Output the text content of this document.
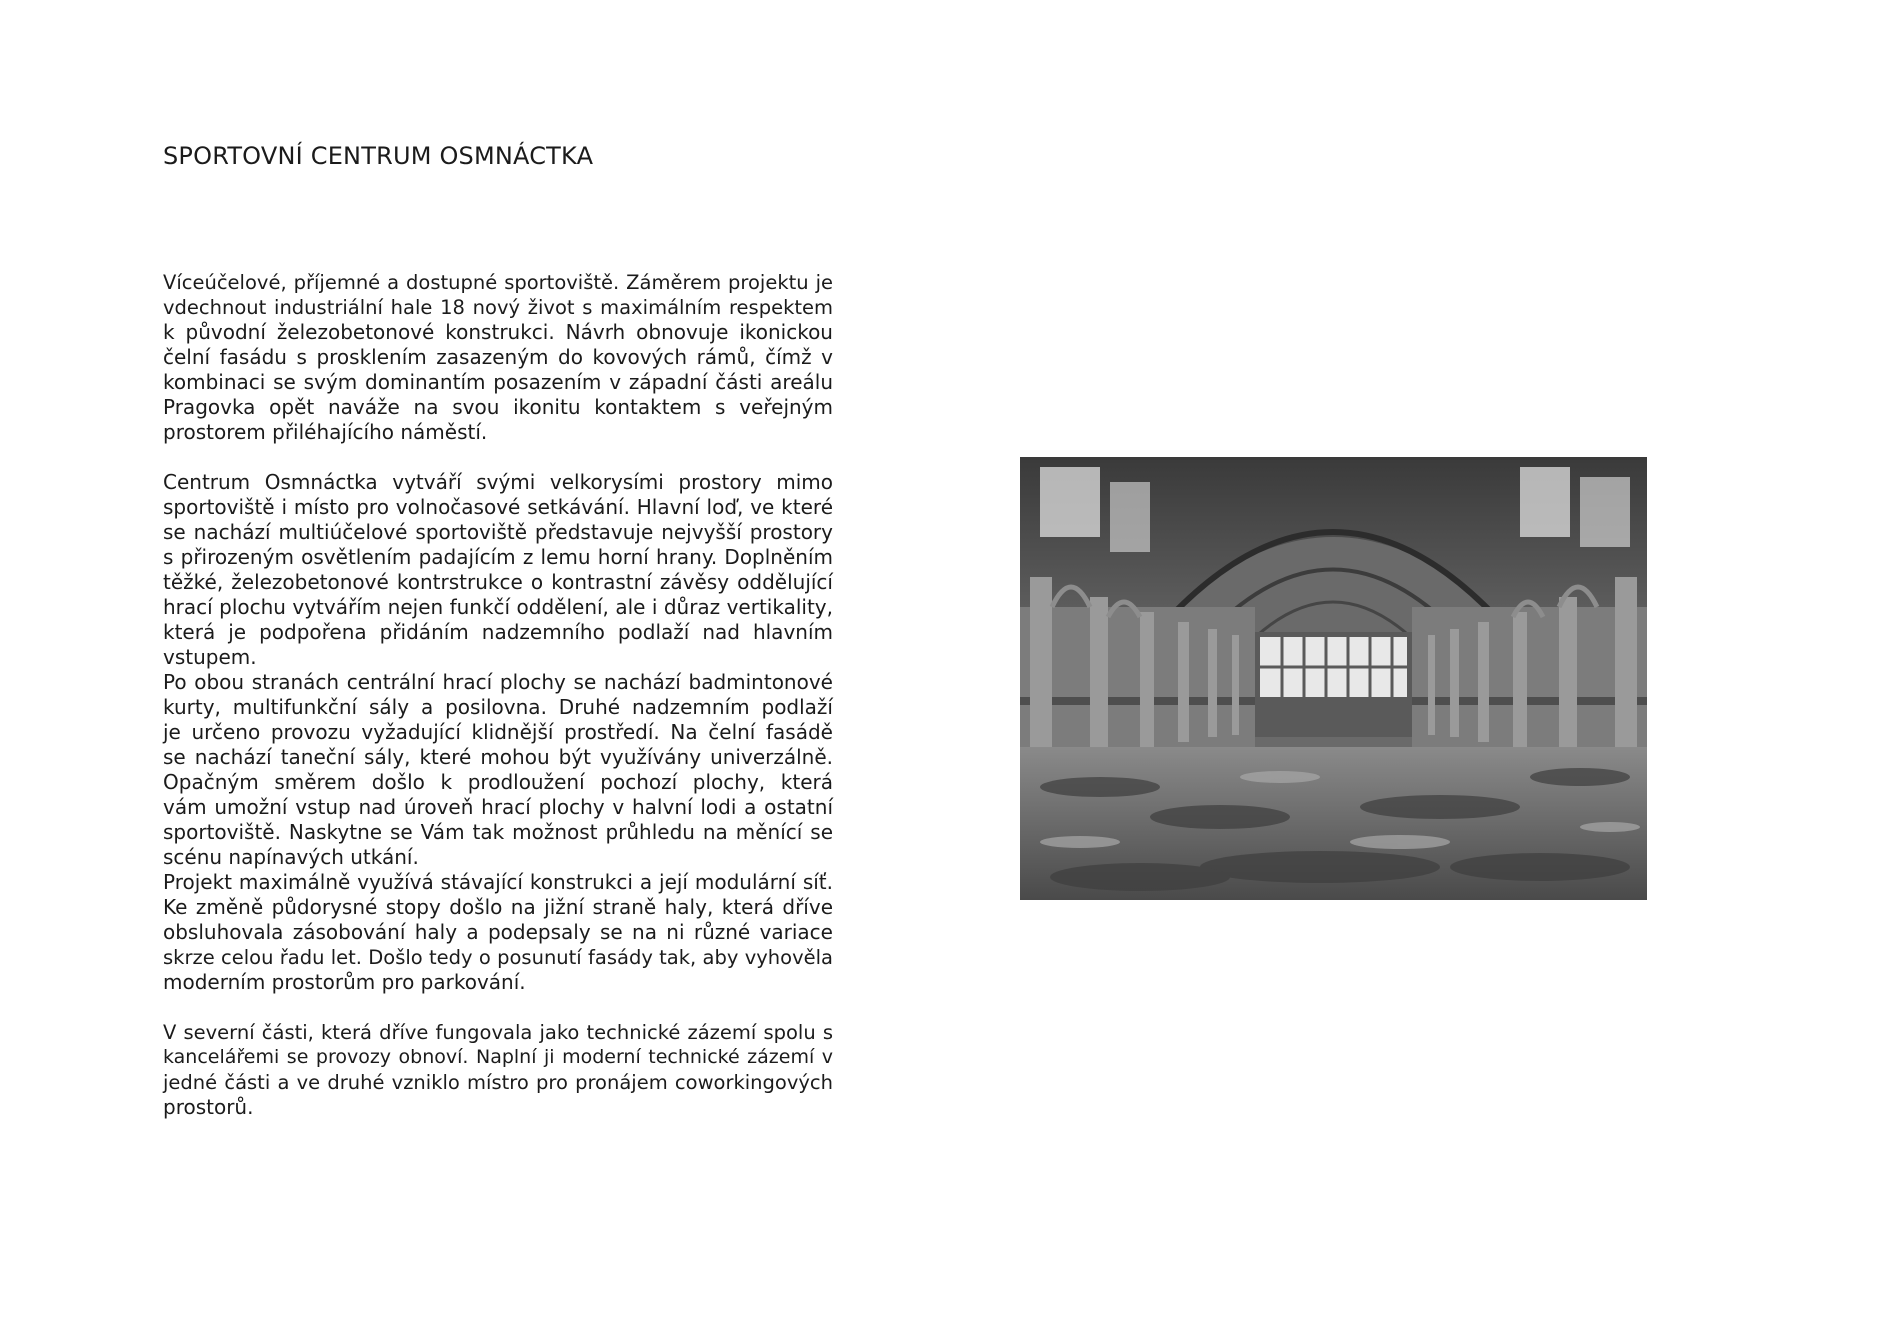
SPORTOVNÍ CENTRUM OSMNÁCTKA

Víceúčelové, příjemné a dostupné sportoviště. Záměrem projektu je
vdechnout industriální hale 18 nový život s maximálním respektem
k původní železobetonové konstrukci. Návrh obnovuje ikonickou
čelní fasádu s prosklením zasazeným do kovových rámů, čímž v
kombinaci se svým dominantím posazením v západní části areálu
Pragovka opět naváže na svou ikonitu kontaktem s veřejným
prostorem přiléhajícího náměstí.

Centrum Osmnáctka vytváří svými velkorysími prostory mimo
sportoviště i místo pro volnočasové setkávání. Hlavní loď, ve které
se nachází multiúčelové sportoviště představuje nejvyšší prostory
s přirozeným osvětlením padajícím z lemu horní hrany. Doplněním
těžké, železobetonové kontrstrukce o kontrastní závěsy oddělující
hrací plochu vytvářím nejen funkčí oddělení, ale i důraz vertikality,
která je podpořena přidáním nadzemního podlaží nad hlavním
vstupem.
Po obou stranách centrální hrací plochy se nachází badmintonové
kurty, multifunkční sály a posilovna. Druhé nadzemním podlaží
je určeno provozu vyžadující klidnější prostředí. Na čelní fasádě
se nachází taneční sály, které mohou být využívány univerzálně.
Opačným směrem došlo k prodloužení pochozí plochy, která
vám umožní vstup nad úroveň hrací plochy v halvní lodi a ostatní
sportoviště. Naskytne se Vám tak možnost průhledu na měnící se
scénu napínavých utkání.
Projekt maximálně využívá stávající konstrukci a její modulární síť.
Ke změně půdorysné stopy došlo na jižní straně haly, která dříve
obsluhovala zásobování haly a podepsaly se na ni různé variace
skrze celou řadu let. Došlo tedy o posunutí fasády tak, aby vyhověla
moderním prostorům pro parkování.

V severní části, která dříve fungovala jako technické zázemí spolu s
kancelářemi se provozy obnoví. Naplní ji moderní technické zázemí v
jedné části a ve druhé vzniklo místro pro pronájem coworkingových
prostorů.
